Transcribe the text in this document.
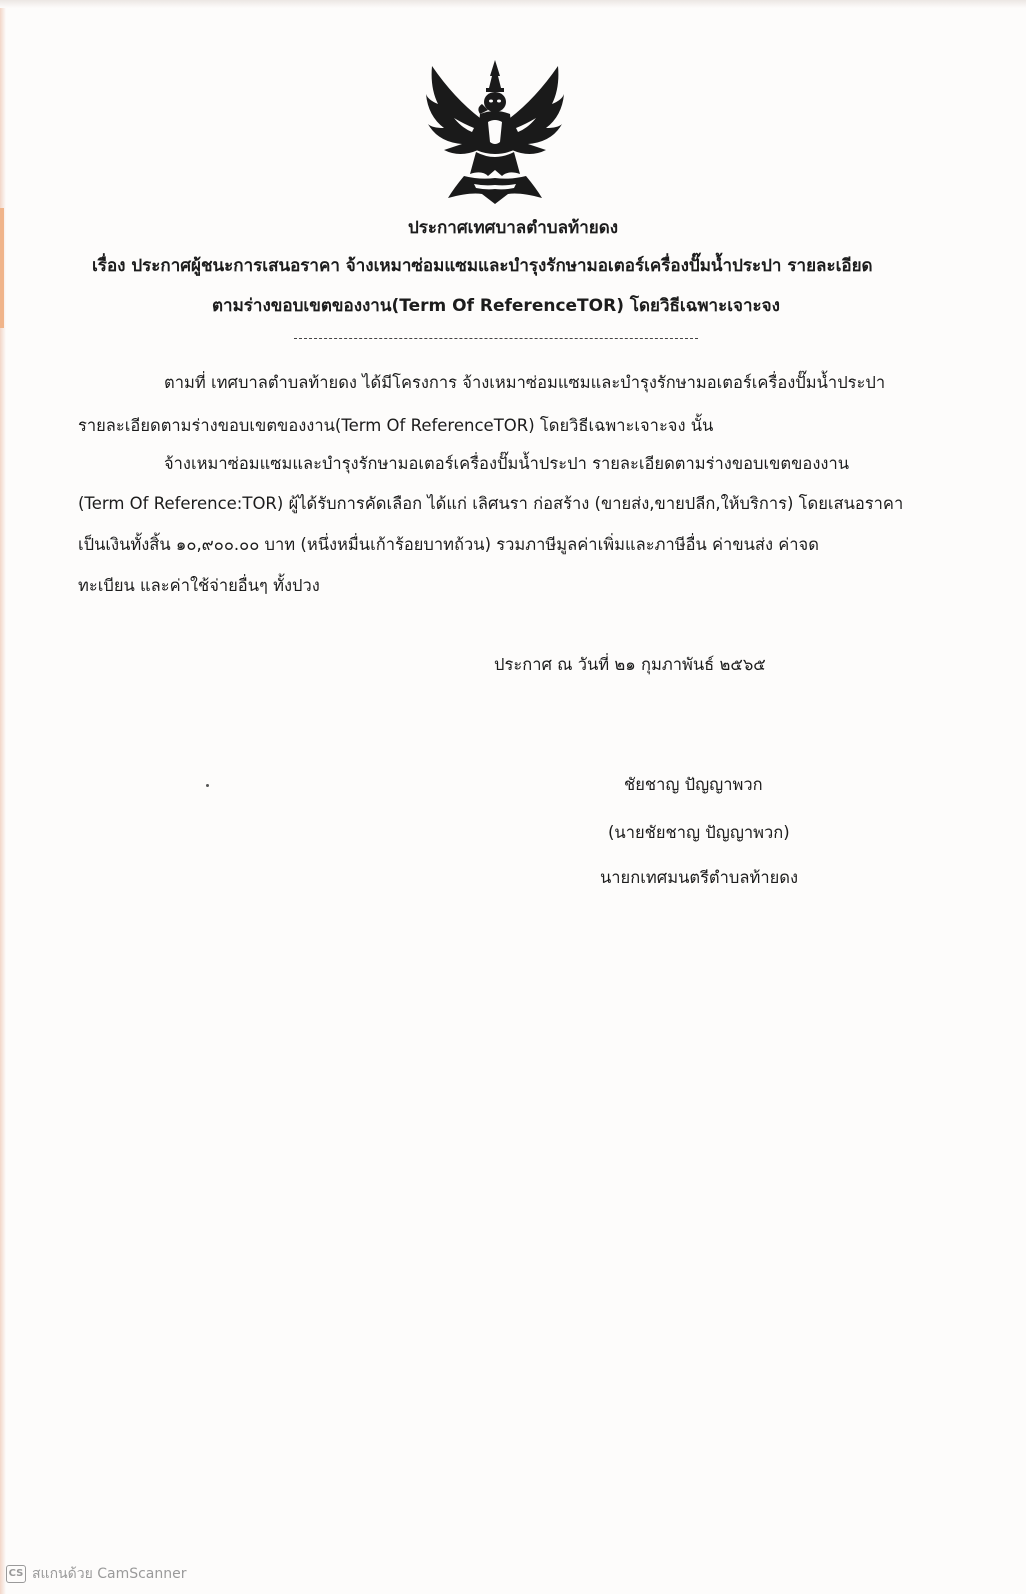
ประกาศเทศบาลตำบลท้ายดง
เรื่อง ประกาศผู้ชนะการเสนอราคา จ้างเหมาซ่อมแซมและบำรุงรักษามอเตอร์เครื่องปั๊มน้ำประปา รายละเอียด
ตามร่างขอบเขตของงาน(Term Of ReferenceTOR) โดยวิธีเฉพาะเจาะจง
ตามที่ เทศบาลตำบลท้ายดง ได้มีโครงการ จ้างเหมาซ่อมแซมและบำรุงรักษามอเตอร์เครื่องปั๊มน้ำประปา
รายละเอียดตามร่างขอบเขตของงาน(Term Of ReferenceTOR) โดยวิธีเฉพาะเจาะจง นั้น
จ้างเหมาซ่อมแซมและบำรุงรักษามอเตอร์เครื่องปั๊มน้ำประปา รายละเอียดตามร่างขอบเขตของงาน
(Term Of Reference:TOR) ผู้ได้รับการคัดเลือก ได้แก่ เลิศนรา ก่อสร้าง (ขายส่ง,ขายปลีก,ให้บริการ) โดยเสนอราคา
เป็นเงินทั้งสิ้น ๑๐,๙๐๐.๐๐ บาท (หนึ่งหมื่นเก้าร้อยบาทถ้วน) รวมภาษีมูลค่าเพิ่มและภาษีอื่น ค่าขนส่ง ค่าจด
ทะเบียน และค่าใช้จ่ายอื่นๆ ทั้งปวง
ประกาศ ณ วันที่ ๒๑ กุมภาพันธ์ ๒๕๖๕
ชัยชาญ ปัญญาพวก
(นายชัยชาญ ปัญญาพวก)
นายกเทศมนตรีตำบลท้ายดง
CS สแกนด้วย CamScanner
